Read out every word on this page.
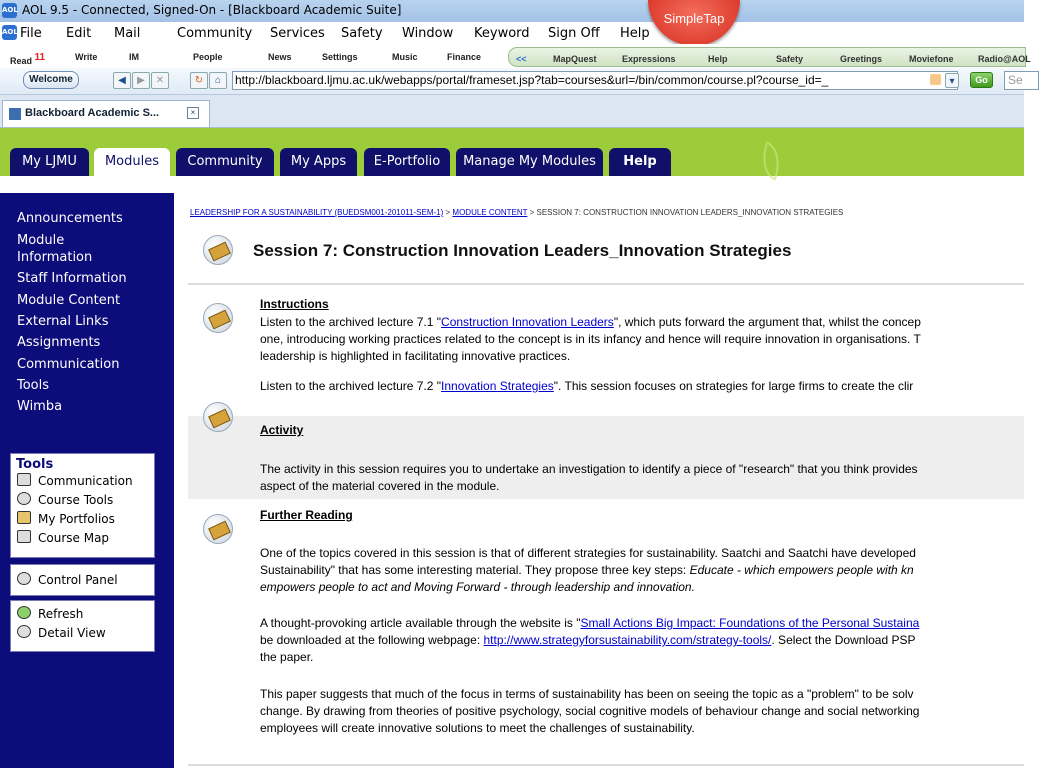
AOL AOL 9.5 - Connected, Signed-On - [Blackboard Academic Suite]
AOL File Edit Mail	Community Services Safety Window Keyword Sign Off Help
SimpleTap
Read $^{11}$	Write	IM	People	News	Settings	Music	Finance	<<	MapQuest	Expressions	Help	Safety	Greetings	Moviefone	Radio@AOL
Welcome	◀	▶	✕	↻	⌂	http://blackboard.ljmu.ac.uk/webapps/portal/frameset.jsp?tab=courses&url=/bin/common/course.pl?course_id=_	▾	Go	Se
Blackboard Academic S...	×
My LJMU	Modules	Community	My Apps	E-Portfolio	Manage My Modules	Help
Announcements
Module Information
Staff Information
Module Content
External Links
Assignments
Communication
Tools
Wimba
Tools
Communication
Course Tools
My Portfolios
Course Map
Control Panel
Refresh
Detail View
LEADERSHIP FOR A SUSTAINABILITY (BUEDSM001-201011-SEM-1) > MODULE CONTENT > SESSION 7: CONSTRUCTION INNOVATION LEADERS_INNOVATION STRATEGIES
Session 7: Construction Innovation Leaders_Innovation Strategies
Instructions
Listen to the archived lecture 7.1 "Construction Innovation Leaders", which puts forward the argument that, whilst the concep
one, introducing working practices related to the concept is in its infancy and hence will require innovation in organisations. T
leadership is highlighted in facilitating innovative practices.
Listen to the archived lecture 7.2 "Innovation Strategies". This session focuses on strategies for large firms to create the clir
Activity
The activity in this session requires you to undertake an investigation to identify a piece of "research" that you think provides
aspect of the material covered in the module.
Further Reading
One of the topics covered in this session is that of different strategies for sustainability. Saatchi and Saatchi have developed
Sustainability" that has some interesting material. They propose three key steps: Educate - which empowers people with kn
empowers people to act and Moving Forward - through leadership and innovation.
A thought-provoking article available through the website is "Small Actions Big Impact: Foundations of the Personal Sustaina
be downloaded at the following webpage: http://www.strategyforsustainability.com/strategy-tools/. Select the Download PSP
the paper.
This paper suggests that much of the focus in terms of sustainability has been on seeing the topic as a "problem" to be solv
change. By drawing from theories of positive psychology, social cognitive models of behaviour change and social networking
employees will create innovative solutions to meet the challenges of sustainability.
